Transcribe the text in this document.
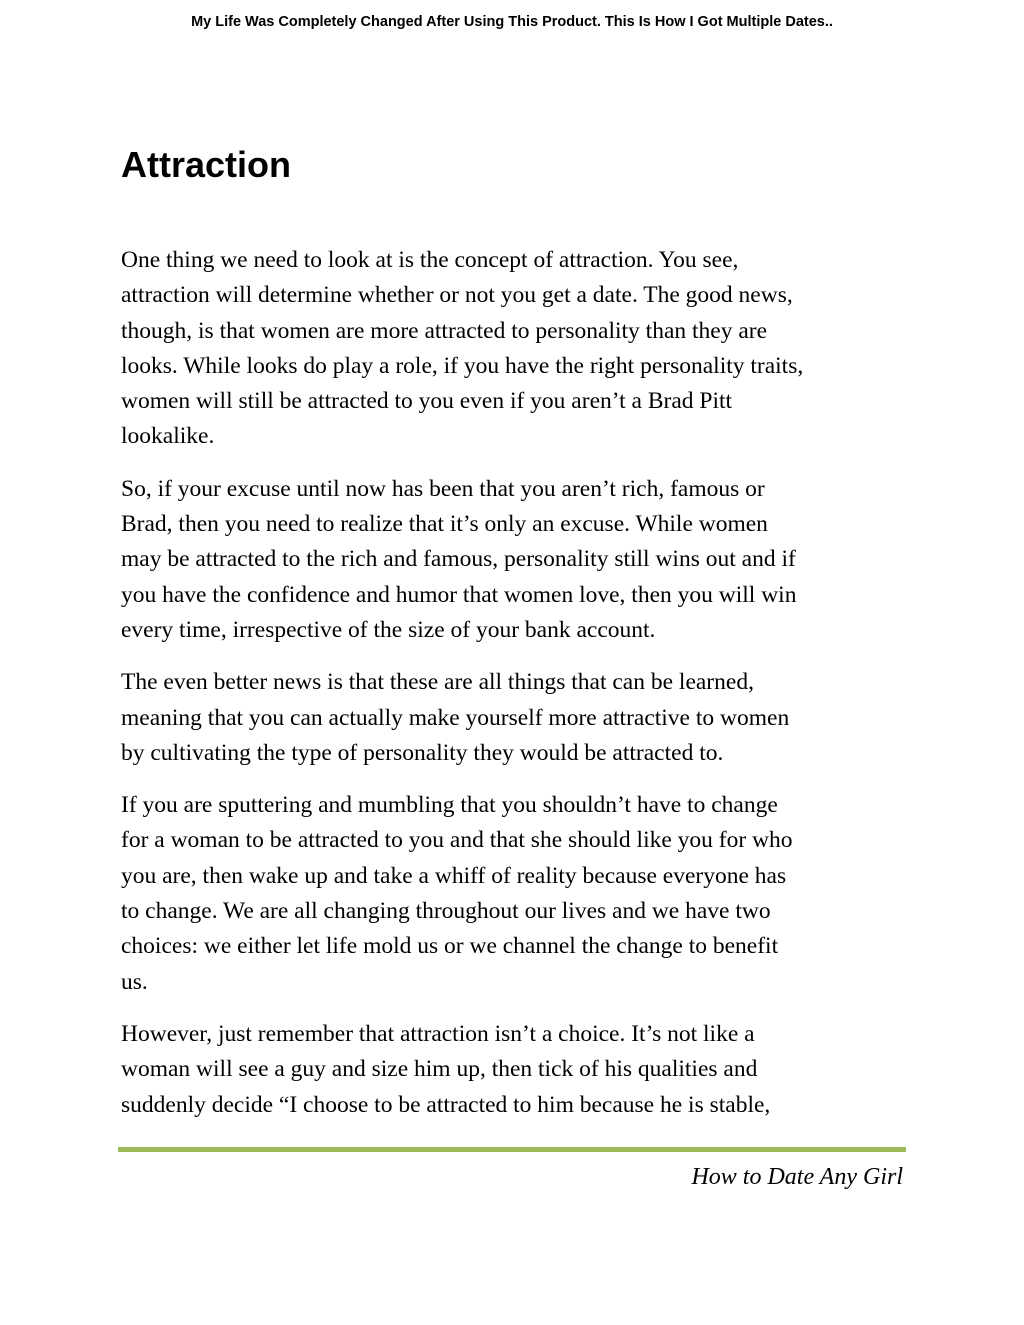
My Life Was Completely Changed After Using This Product. This Is How I Got Multiple Dates..
Attraction

One thing we need to look at is the concept of attraction. You see,
attraction will determine whether or not you get a date. The good news,
though, is that women are more attracted to personality than they are
looks. While looks do play a role, if you have the right personality traits,
women will still be attracted to you even if you aren’t a Brad Pitt
lookalike.

So, if your excuse until now has been that you aren’t rich, famous or
Brad, then you need to realize that it’s only an excuse. While women
may be attracted to the rich and famous, personality still wins out and if
you have the confidence and humor that women love, then you will win
every time, irrespective of the size of your bank account.

The even better news is that these are all things that can be learned,
meaning that you can actually make yourself more attractive to women
by cultivating the type of personality they would be attracted to.

If you are sputtering and mumbling that you shouldn’t have to change
for a woman to be attracted to you and that she should like you for who
you are, then wake up and take a whiff of reality because everyone has
to change. We are all changing throughout our lives and we have two
choices: we either let life mold us or we channel the change to benefit
us.

However, just remember that attraction isn’t a choice. It’s not like a
woman will see a guy and size him up, then tick of his qualities and
suddenly decide “I choose to be attracted to him because he is stable,

How to Date Any Girl
